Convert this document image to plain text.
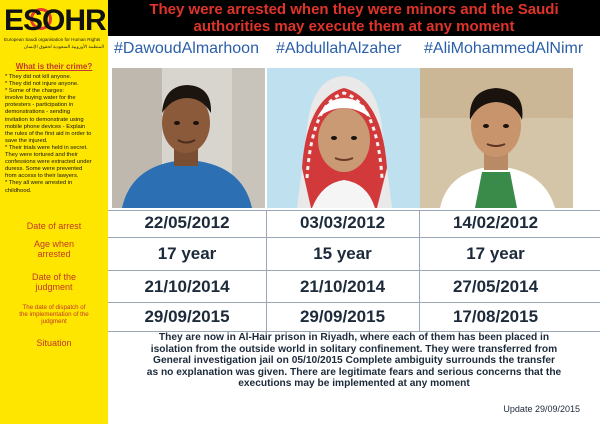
ESOHR
European Saudi organisation for Human Rights
المنظمة الأوروبية السعودية لحقوق الإنسان
What is their crime?
* They did not kill anyone.
* They did not injure anyone.
* Some of the charges:
involve buying water for the
protesters - participation in
demonstrations - sending
invitation to demonstrate using
mobile phone devices - Explain
the rules of the first aid in order to
save the injured.
* Their trials were held in secret.
They were tortured and their
confessions were extracted under
duress. Some were prevented
from access to their lawyers.
* They all were arrested in
childhood.
Date of arrest
Age when
arrested
Date of the
judgment
The date of dispatch of
the implementation of the
judgment
Situation
They were arrested when they were minors and the Saudi
authorities may execute them at any moment
#DawoudAlmarhoon #AbdullahAlzaher #AliMohammedAlNimr
22/05/2012	03/03/2012	14/02/2012
17 year	15 year	17 year
21/10/2014	21/10/2014	27/05/2014
29/09/2015	29/09/2015	17/08/2015
They are now in Al-Hair prison in Riyadh, where each of them has been placed in
isolation from the outside world in solitary confinement. They were transferred from
General investigation jail on 05/10/2015 Complete ambiguity surrounds the transfer
as no explanation was given. There are legitimate fears and serious concerns that the
executions may be implemented at any moment
Update 29/09/2015
